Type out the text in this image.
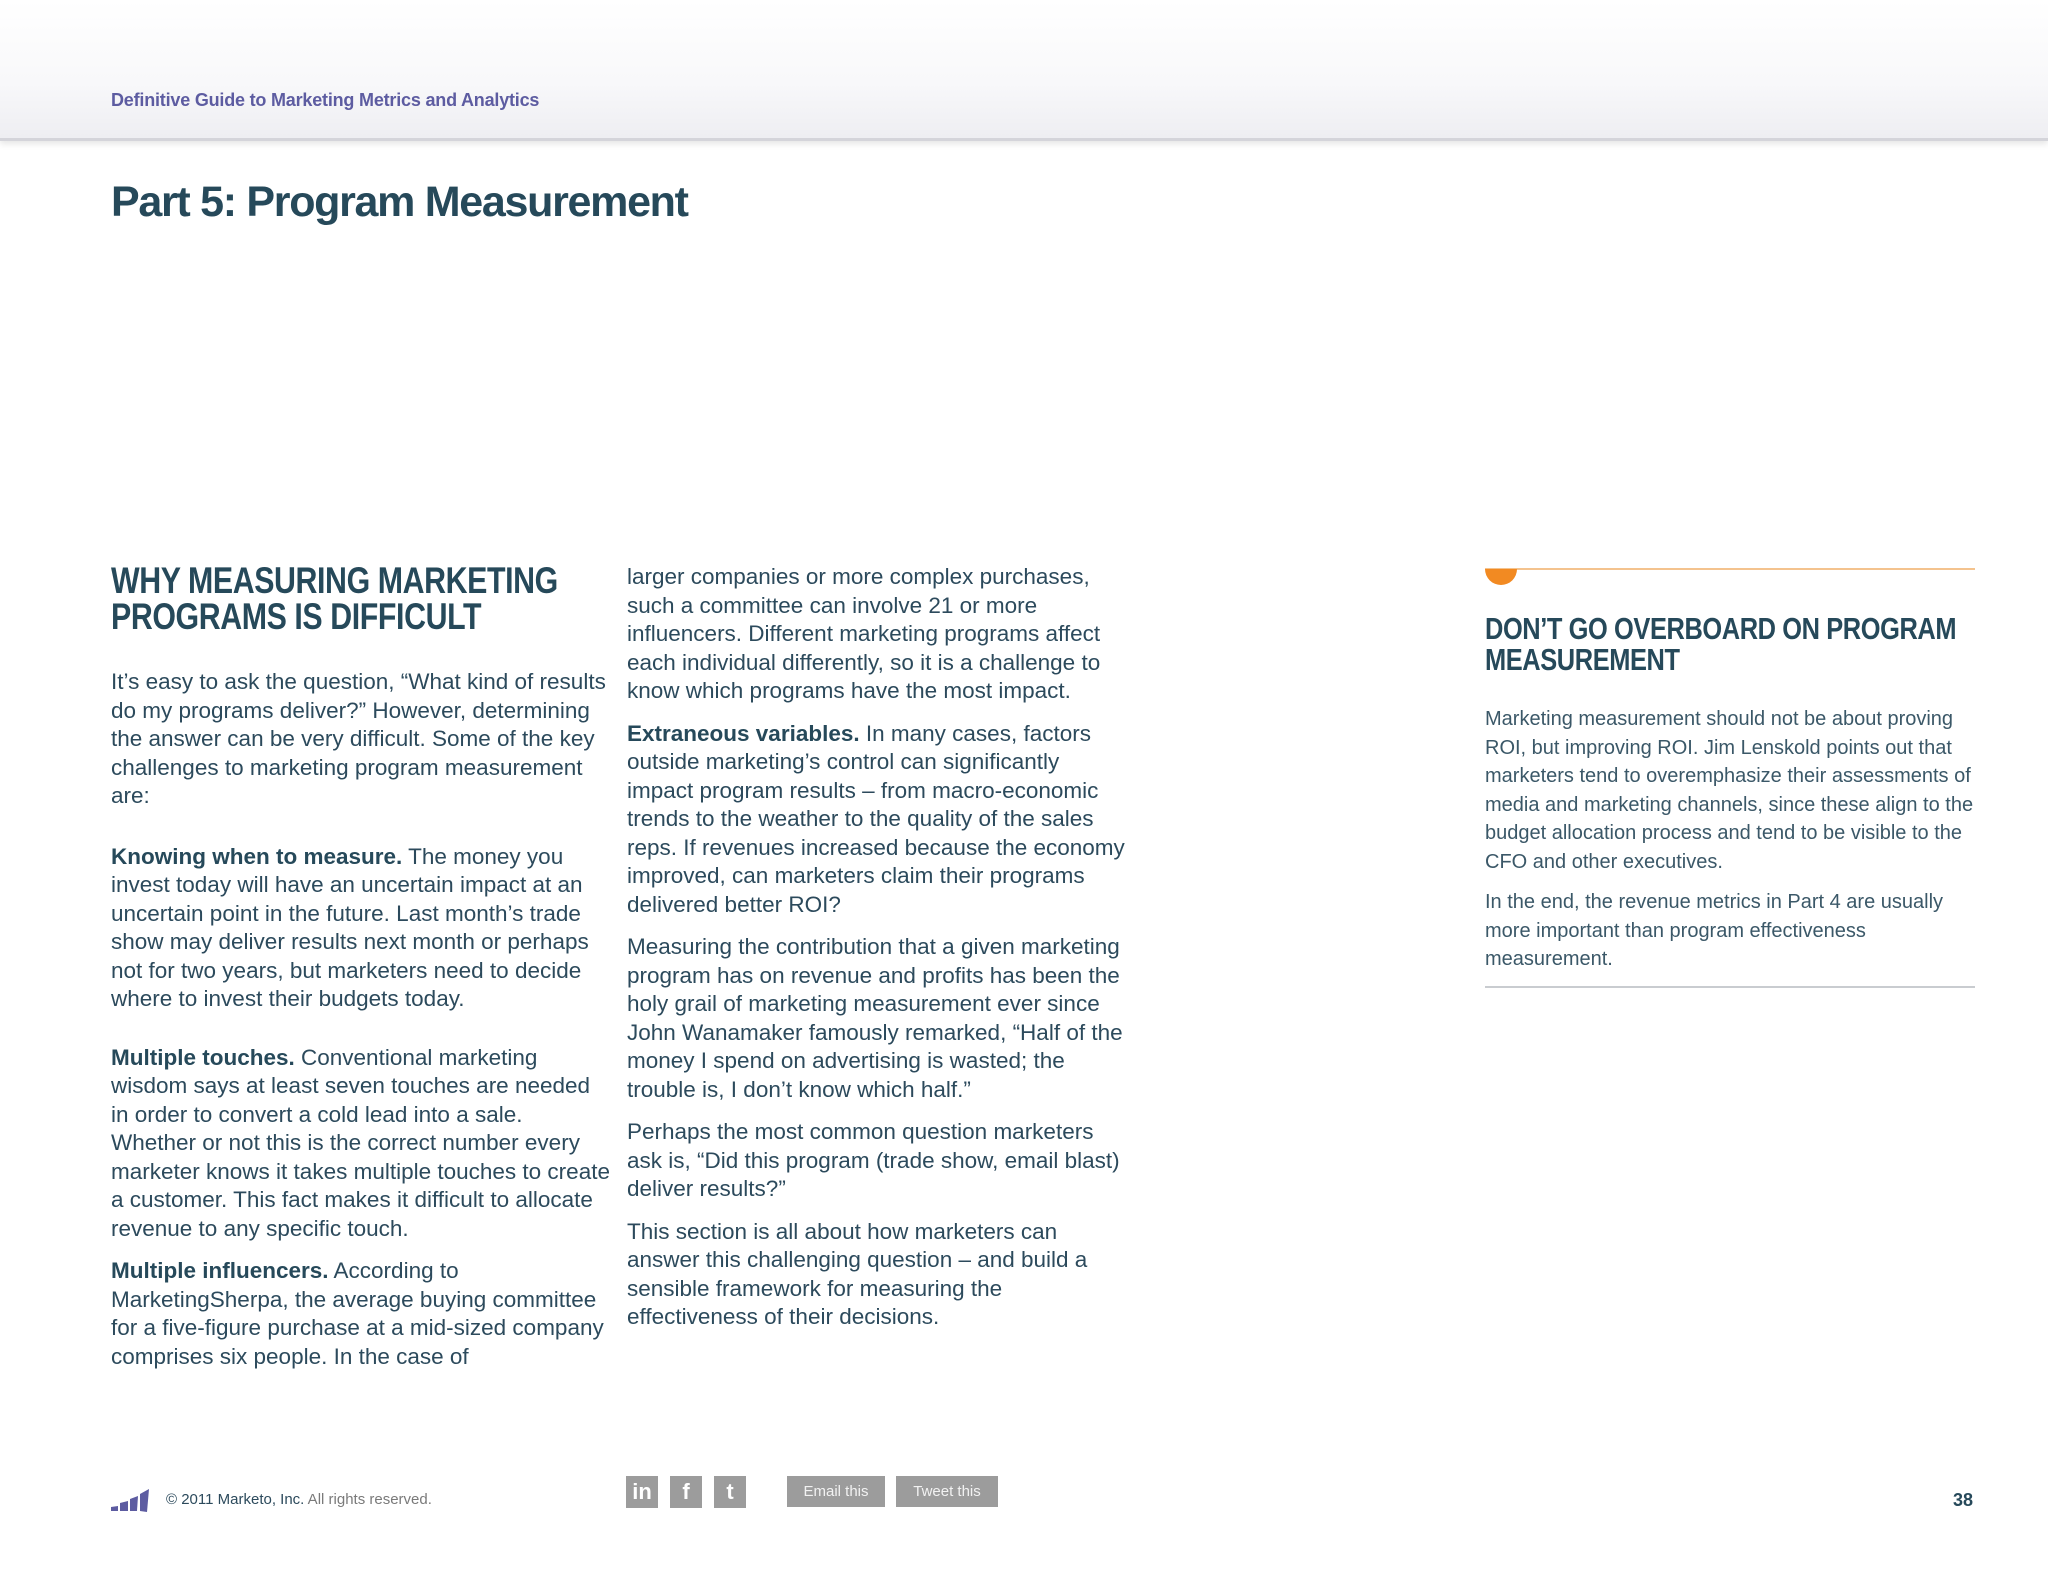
Definitive Guide to Marketing Metrics and Analytics
Part 5: Program Measurement
WHY MEASURING MARKETING
PROGRAMS IS DIFFICULT

It’s easy to ask the question, “What kind of results do my programs deliver?” However, determining the answer can be very difficult. Some of the key challenges to marketing program measurement are:

Knowing when to measure. The money you invest today will have an uncertain impact at an uncertain point in the future. Last month’s trade show may deliver results next month or perhaps not for two years, but marketers need to decide where to invest their budgets today.

Multiple touches. Conventional marketing wisdom says at least seven touches are needed in order to convert a cold lead into a sale. Whether or not this is the correct number every marketer knows it takes multiple touches to create a customer. This fact makes it difficult to allocate revenue to any specific touch.

Multiple influencers. According to MarketingSherpa, the average buying committee for a five-figure purchase at a mid-sized company comprises six people. In the case of

larger companies or more complex purchases, such a committee can involve 21 or more influencers. Different marketing programs affect each individual differently, so it is a challenge to know which programs have the most impact.

Extraneous variables. In many cases, factors outside marketing’s control can significantly impact program results – from macro-economic trends to the weather to the quality of the sales reps. If revenues increased because the economy improved, can marketers claim their programs delivered better ROI?

Measuring the contribution that a given marketing program has on revenue and profits has been the holy grail of marketing measurement ever since John Wanamaker famously remarked, “Half of the money I spend on advertising is wasted; the trouble is, I don’t know which half.”

Perhaps the most common question marketers ask is, “Did this program (trade show, email blast) deliver results?”

This section is all about how marketers can answer this challenging question – and build a sensible framework for measuring the effectiveness of their decisions.

DON’T GO OVERBOARD ON PROGRAM
MEASUREMENT

Marketing measurement should not be about proving ROI, but improving ROI. Jim Lenskold points out that marketers tend to overemphasize their assessments of media and marketing channels, since these align to the budget allocation process and tend to be visible to the CFO and other executives.

In the end, the revenue metrics in Part 4 are usually more important than program effectiveness measurement.

© 2011 Marketo, Inc. All rights reserved.	in	f	t	Email this	Tweet this	38
